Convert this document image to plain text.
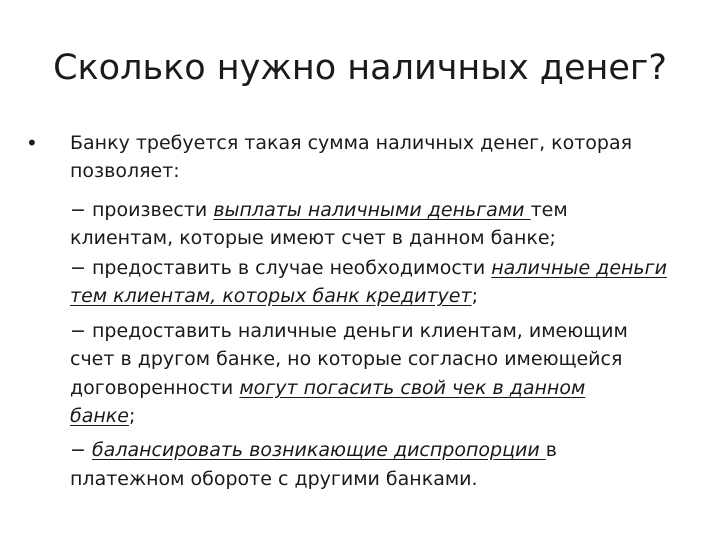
Сколько нужно наличных денег?
• Банку требуется такая сумма наличных денег, которая
позволяет:
− произвести выплаты наличными деньгами тем
клиентам, которые имеют счет в данном банке;
− предоставить в случае необходимости наличные деньги
тем клиентам, которых банк кредитует;
− предоставить наличные деньги клиентам, имеющим
счет в другом банке, но которые согласно имеющейся
договоренности могут погасить свой чек в данном
банке;
− балансировать возникающие диспропорции в
платежном обороте с другими банками.
